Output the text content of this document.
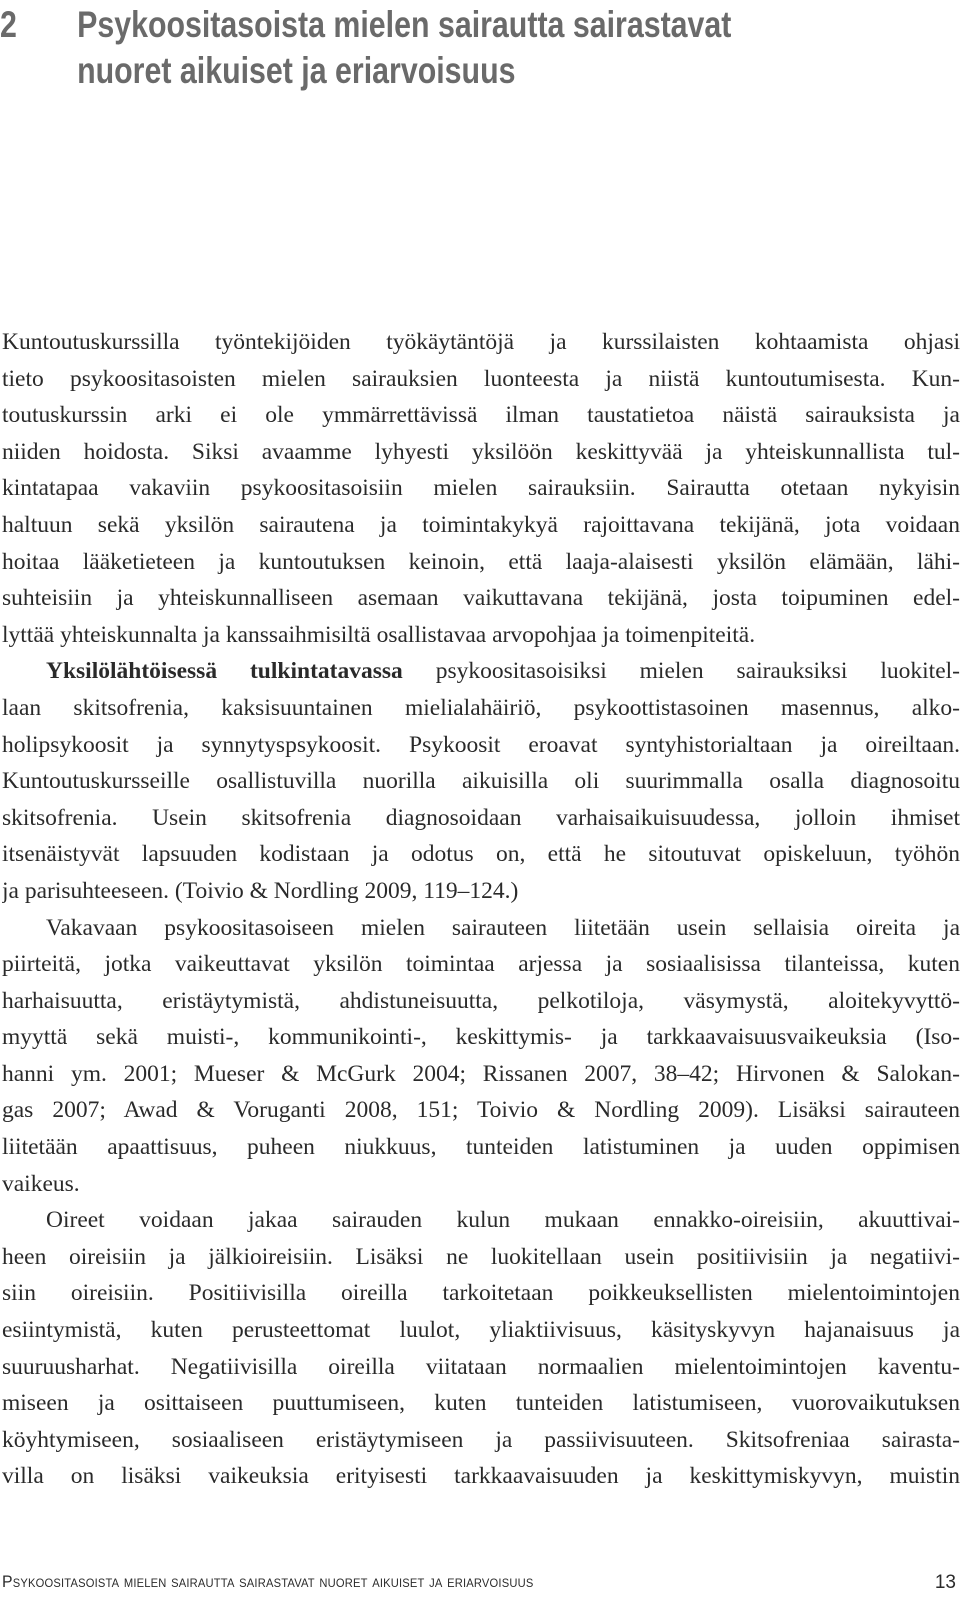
2 Psykoositasoista mielen sairautta sairastavat
nuoret aikuiset ja eriarvoisuus
Kuntoutuskurssilla työntekijöiden työkäytäntöjä ja kurssilaisten kohtaamista ohjasi
tieto psykoositasoisten mielen sairauksien luonteesta ja niistä kuntoutumisesta. Kun-
toutuskurssin arki ei ole ymmärrettävissä ilman taustatietoa näistä sairauksista ja
niiden hoidosta. Siksi avaamme lyhyesti yksilöön keskittyvää ja yhteiskunnallista tul-
kintatapaa vakaviin psykoositasoisiin mielen sairauksiin. Sairautta otetaan nykyisin
haltuun sekä yksilön sairautena ja toimintakykyä rajoittavana tekijänä, jota voidaan
hoitaa lääketieteen ja kuntoutuksen keinoin, että laaja-alaisesti yksilön elämään, lähi-
suhteisiin ja yhteiskunnalliseen asemaan vaikuttavana tekijänä, josta toipuminen edel-
lyttää yhteiskunnalta ja kanssaihmisiltä osallistavaa arvopohjaa ja toimenpiteitä.
Yksilölähtöisessä tulkintatavassa psykoositasoisiksi mielen sairauksiksi luokitel-
laan skitsofrenia, kaksisuuntainen mielialahäiriö, psykoottistasoinen masennus, alko-
holipsykoosit ja synnytyspsykoosit. Psykoosit eroavat syntyhistorialtaan ja oireiltaan.
Kuntoutuskursseille osallistuvilla nuorilla aikuisilla oli suurimmalla osalla diagnosoitu
skitsofrenia. Usein skitsofrenia diagnosoidaan varhaisaikuisuudessa, jolloin ihmiset
itsenäistyvät lapsuuden kodistaan ja odotus on, että he sitoutuvat opiskeluun, työhön
ja parisuhteeseen. (Toivio & Nordling 2009, 119–124.)
Vakavaan psykoositasoiseen mielen sairauteen liitetään usein sellaisia oireita ja
piirteitä, jotka vaikeuttavat yksilön toimintaa arjessa ja sosiaalisissa tilanteissa, kuten
harhaisuutta, eristäytymistä, ahdistuneisuutta, pelkotiloja, väsymystä, aloitekyvyttö-
myyttä sekä muisti-, kommunikointi-, keskittymis- ja tarkkaavaisuusvaikeuksia (Iso-
hanni ym. 2001; Mueser & McGurk 2004; Rissanen 2007, 38–42; Hirvonen & Salokan-
gas 2007; Awad & Voruganti 2008, 151; Toivio & Nordling 2009). Lisäksi sairauteen
liitetään apaattisuus, puheen niukkuus, tunteiden latistuminen ja uuden oppimisen
vaikeus.
Oireet voidaan jakaa sairauden kulun mukaan ennakko-oireisiin, akuuttivai-
heen oireisiin ja jälkioireisiin. Lisäksi ne luokitellaan usein positiivisiin ja negatiivi-
siin oireisiin. Positiivisilla oireilla tarkoitetaan poikkeuksellisten mielentoimintojen
esiintymistä, kuten perusteettomat luulot, yliaktiivisuus, käsityskyvyn hajanaisuus ja
suuruusharhat. Negatiivisilla oireilla viitataan normaalien mielentoimintojen kaventu-
miseen ja osittaiseen puuttumiseen, kuten tunteiden latistumiseen, vuorovaikutuksen
köyhtymiseen, sosiaaliseen eristäytymiseen ja passiivisuuteen. Skitsofreniaa sairasta-
villa on lisäksi vaikeuksia erityisesti tarkkaavaisuuden ja keskittymiskyvyn, muistin
Psykoositasoista mielen sairautta sairastavat nuoret aikuiset ja eriarvoisuus	13
